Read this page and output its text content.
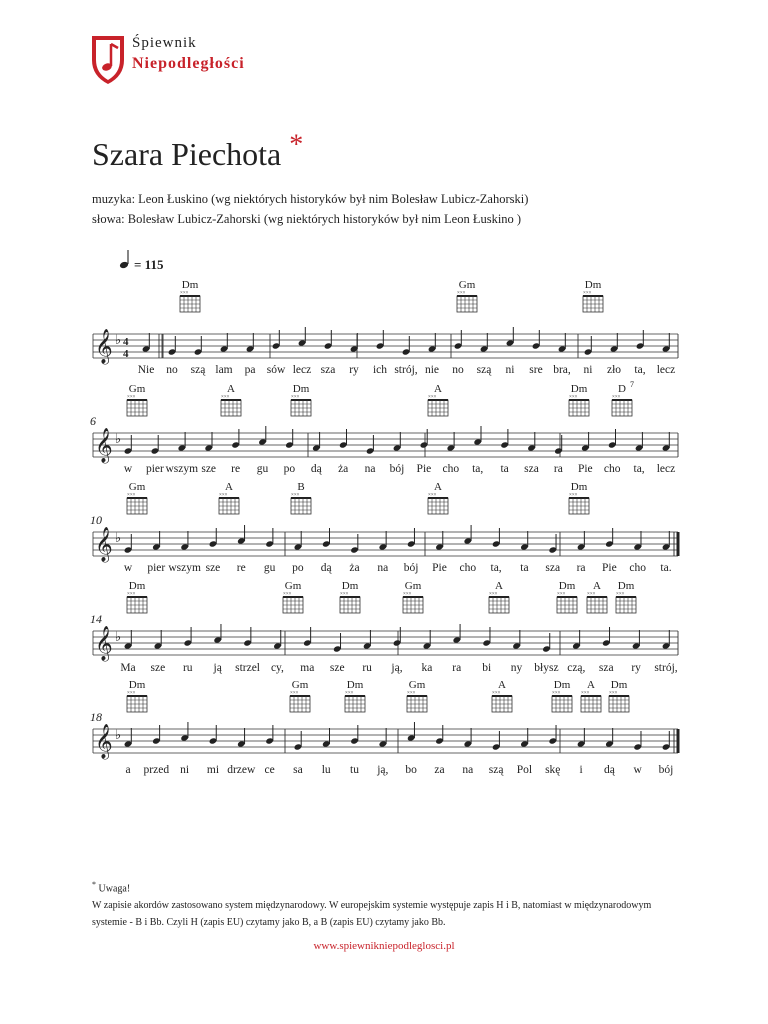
Śpiewnik
Niepodległości
Szara Piechota *
muzyka: Leon Łuskino (wg niektórych historyków był nim Bolesław Lubicz-Zahorski)
słowa: Bolesław Lubicz-Zahorski (wg niektórych historyków był nim Leon Łuskino )
= 115
𝄞 ♭ 4
4
Dm
×××
Gm
×××
Dm
×××
Nie no szą lam pa sów lecz sza ry ich strój, nie no szą ni sre bra, ni zło ta, lecz
𝄞 ♭
6
Gm
×××
A
×××
Dm
×××
A
×××
Dm
×××
D 7
×××
w pier wszym sze re gu po dą ża na bój Pie cho ta, ta sza ra Pie cho ta, lecz
𝄞 ♭
10
Gm
×××
A
×××
B
×××
A
×××
Dm
×××
w pier wszym sze re gu po dą ża na bój Pie cho ta, ta sza ra Pie cho ta.
𝄞 ♭
14
Dm
×××
Gm
×××
Dm
×××
Gm
×××
A
×××
Dm
×××
A
×××
Dm
×××
Ma sze ru ją strzel cy, ma sze ru ją, ka ra bi ny błysz czą, sza ry strój,
𝄞 ♭
18
Dm
×××
Gm
×××
Dm
×××
Gm
×××
A
×××
Dm
×××
A
×××
Dm
×××
a przed ni mi drzew ce sa lu tu ją, bo za na szą Pol skę i dą w bój
* Uwaga!
W zapisie akordów zastosowano system międzynarodowy. W europejskim systemie występuje zapis H i B, natomiast w międzynarodowym systemie - B i Bb. Czyli H (zapis EU) czytamy jako B, a B (zapis EU) czytamy jako Bb.
www.spiewnikniepodleglosci.pl
